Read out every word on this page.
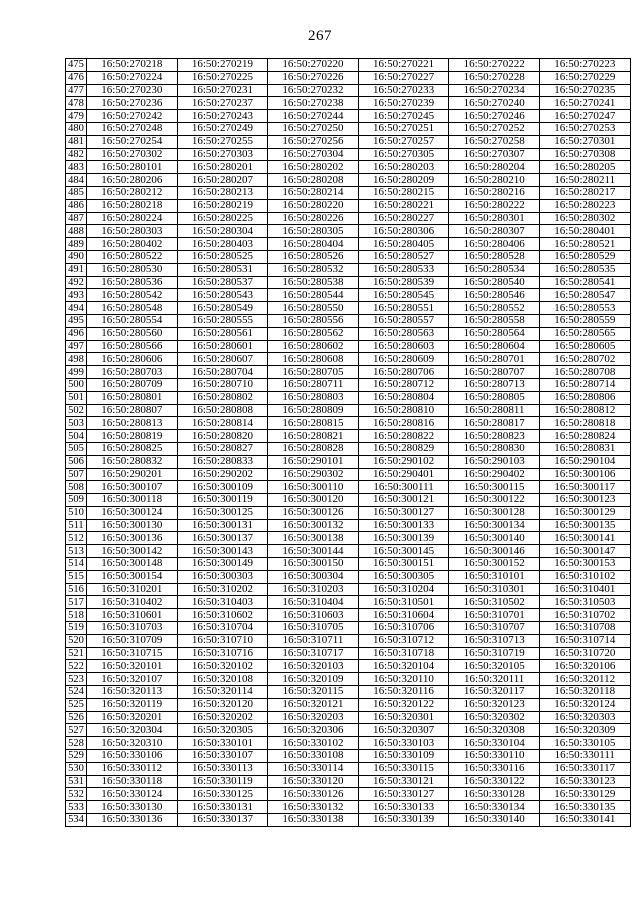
267
475	16:50:270218	16:50:270219	16:50:270220	16:50:270221	16:50:270222	16:50:270223
476	16:50:270224	16:50:270225	16:50:270226	16:50:270227	16:50:270228	16:50:270229
477	16:50:270230	16:50:270231	16:50:270232	16:50:270233	16:50:270234	16:50:270235
478	16:50:270236	16:50:270237	16:50:270238	16:50:270239	16:50:270240	16:50:270241
479	16:50:270242	16:50:270243	16:50:270244	16:50:270245	16:50:270246	16:50:270247
480	16:50:270248	16:50:270249	16:50:270250	16:50:270251	16:50:270252	16:50:270253
481	16:50:270254	16:50:270255	16:50:270256	16:50:270257	16:50:270258	16:50:270301
482	16:50:270302	16:50:270303	16:50:270304	16:50:270305	16:50:270307	16:50:270308
483	16:50:280101	16:50:280201	16:50:280202	16:50:280203	16:50:280204	16:50:280205
484	16:50:280206	16:50:280207	16:50:280208	16:50:280209	16:50:280210	16:50:280211
485	16:50:280212	16:50:280213	16:50:280214	16:50:280215	16:50:280216	16:50:280217
486	16:50:280218	16:50:280219	16:50:280220	16:50:280221	16:50:280222	16:50:280223
487	16:50:280224	16:50:280225	16:50:280226	16:50:280227	16:50:280301	16:50:280302
488	16:50:280303	16:50:280304	16:50:280305	16:50:280306	16:50:280307	16:50:280401
489	16:50:280402	16:50:280403	16:50:280404	16:50:280405	16:50:280406	16:50:280521
490	16:50:280522	16:50:280525	16:50:280526	16:50:280527	16:50:280528	16:50:280529
491	16:50:280530	16:50:280531	16:50:280532	16:50:280533	16:50:280534	16:50:280535
492	16:50:280536	16:50:280537	16:50:280538	16:50:280539	16:50:280540	16:50:280541
493	16:50:280542	16:50:280543	16:50:280544	16:50:280545	16:50:280546	16:50:280547
494	16:50:280548	16:50:280549	16:50:280550	16:50:280551	16:50:280552	16:50:280553
495	16:50:280554	16:50:280555	16:50:280556	16:50:280557	16:50:280558	16:50:280559
496	16:50:280560	16:50:280561	16:50:280562	16:50:280563	16:50:280564	16:50:280565
497	16:50:280566	16:50:280601	16:50:280602	16:50:280603	16:50:280604	16:50:280605
498	16:50:280606	16:50:280607	16:50:280608	16:50:280609	16:50:280701	16:50:280702
499	16:50:280703	16:50:280704	16:50:280705	16:50:280706	16:50:280707	16:50:280708
500	16:50:280709	16:50:280710	16:50:280711	16:50:280712	16:50:280713	16:50:280714
501	16:50:280801	16:50:280802	16:50:280803	16:50:280804	16:50:280805	16:50:280806
502	16:50:280807	16:50:280808	16:50:280809	16:50:280810	16:50:280811	16:50:280812
503	16:50:280813	16:50:280814	16:50:280815	16:50:280816	16:50:280817	16:50:280818
504	16:50:280819	16:50:280820	16:50:280821	16:50:280822	16:50:280823	16:50:280824
505	16:50:280825	16:50:280827	16:50:280828	16:50:280829	16:50:280830	16:50:280831
506	16:50:280832	16:50:280833	16:50:290101	16:50:290102	16:50:290103	16:50:290104
507	16:50:290201	16:50:290202	16:50:290302	16:50:290401	16:50:290402	16:50:300106
508	16:50:300107	16:50:300109	16:50:300110	16:50:300111	16:50:300115	16:50:300117
509	16:50:300118	16:50:300119	16:50:300120	16:50:300121	16:50:300122	16:50:300123
510	16:50:300124	16:50:300125	16:50:300126	16:50:300127	16:50:300128	16:50:300129
511	16:50:300130	16:50:300131	16:50:300132	16:50:300133	16:50:300134	16:50:300135
512	16:50:300136	16:50:300137	16:50:300138	16:50:300139	16:50:300140	16:50:300141
513	16:50:300142	16:50:300143	16:50:300144	16:50:300145	16:50:300146	16:50:300147
514	16:50:300148	16:50:300149	16:50:300150	16:50:300151	16:50:300152	16:50:300153
515	16:50:300154	16:50:300303	16:50:300304	16:50:300305	16:50:310101	16:50:310102
516	16:50:310201	16:50:310202	16:50:310203	16:50:310204	16:50:310301	16:50:310401
517	16:50:310402	16:50:310403	16:50:310404	16:50:310501	16:50:310502	16:50:310503
518	16:50:310601	16:50:310602	16:50:310603	16:50:310604	16:50:310701	16:50:310702
519	16:50:310703	16:50:310704	16:50:310705	16:50:310706	16:50:310707	16:50:310708
520	16:50:310709	16:50:310710	16:50:310711	16:50:310712	16:50:310713	16:50:310714
521	16:50:310715	16:50:310716	16:50:310717	16:50:310718	16:50:310719	16:50:310720
522	16:50:320101	16:50:320102	16:50:320103	16:50:320104	16:50:320105	16:50:320106
523	16:50:320107	16:50:320108	16:50:320109	16:50:320110	16:50:320111	16:50:320112
524	16:50:320113	16:50:320114	16:50:320115	16:50:320116	16:50:320117	16:50:320118
525	16:50:320119	16:50:320120	16:50:320121	16:50:320122	16:50:320123	16:50:320124
526	16:50:320201	16:50:320202	16:50:320203	16:50:320301	16:50:320302	16:50:320303
527	16:50:320304	16:50:320305	16:50:320306	16:50:320307	16:50:320308	16:50:320309
528	16:50:320310	16:50:330101	16:50:330102	16:50:330103	16:50:330104	16:50:330105
529	16:50:330106	16:50:330107	16:50:330108	16:50:330109	16:50:330110	16:50:330111
530	16:50:330112	16:50:330113	16:50:330114	16:50:330115	16:50:330116	16:50:330117
531	16:50:330118	16:50:330119	16:50:330120	16:50:330121	16:50:330122	16:50:330123
532	16:50:330124	16:50:330125	16:50:330126	16:50:330127	16:50:330128	16:50:330129
533	16:50:330130	16:50:330131	16:50:330132	16:50:330133	16:50:330134	16:50:330135
534	16:50:330136	16:50:330137	16:50:330138	16:50:330139	16:50:330140	16:50:330141
